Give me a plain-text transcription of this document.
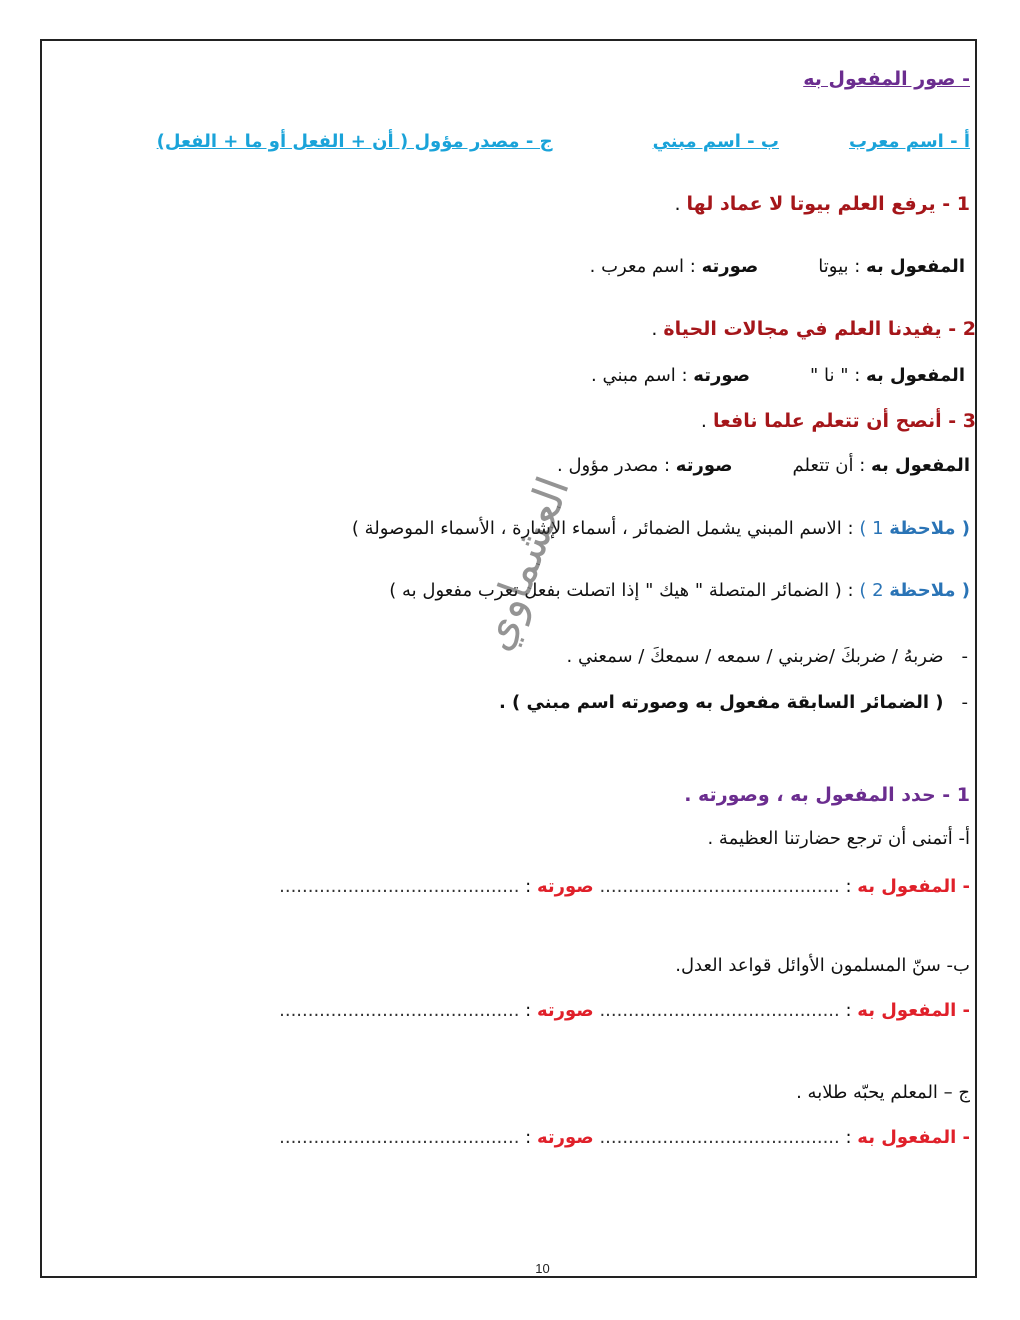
- صور المفعول به
أ - اسم معربب - اسم مبنيج - مصدر مؤول ( أن + الفعل أو ما + الفعل)
1 - يرفع العلم بيوتا لا عماد لها .
المفعول به : بيوتاصورته : اسم معرب .
2 - يفيدنا العلم في مجالات الحياة .
المفعول به : " نا "صورته : اسم مبني .
3 - أنصح أن تتعلم علما نافعا .
المفعول به : أن تتعلمصورته : مصدر مؤول .
( ملاحظة 1 ) : الاسم المبني يشمل الضمائر ، أسماء الإشارة ، الأسماء الموصولة )
( ملاحظة 2 ) : ( الضمائر المتصلة " هيك " إذا اتصلت بفعل تعرب مفعول به )
-ضربهُ / ضربكَ /ضربني / سمعه / سمعكَ / سمعني .
-( الضمائر السابقة مفعول به وصورته اسم مبني ) .
1 - حدد المفعول به ، وصورته .
أ- أتمنى أن ترجع حضارتنا العظيمة .
- المفعول به : .......................................... صورته : ..........................................
ب- سنّ المسلمون الأوائل قواعد العدل.
- المفعول به : .......................................... صورته : ..........................................
ج – المعلم يحبّه طلابه .
- المفعول به : .......................................... صورته : ..........................................
العشماوي
10
